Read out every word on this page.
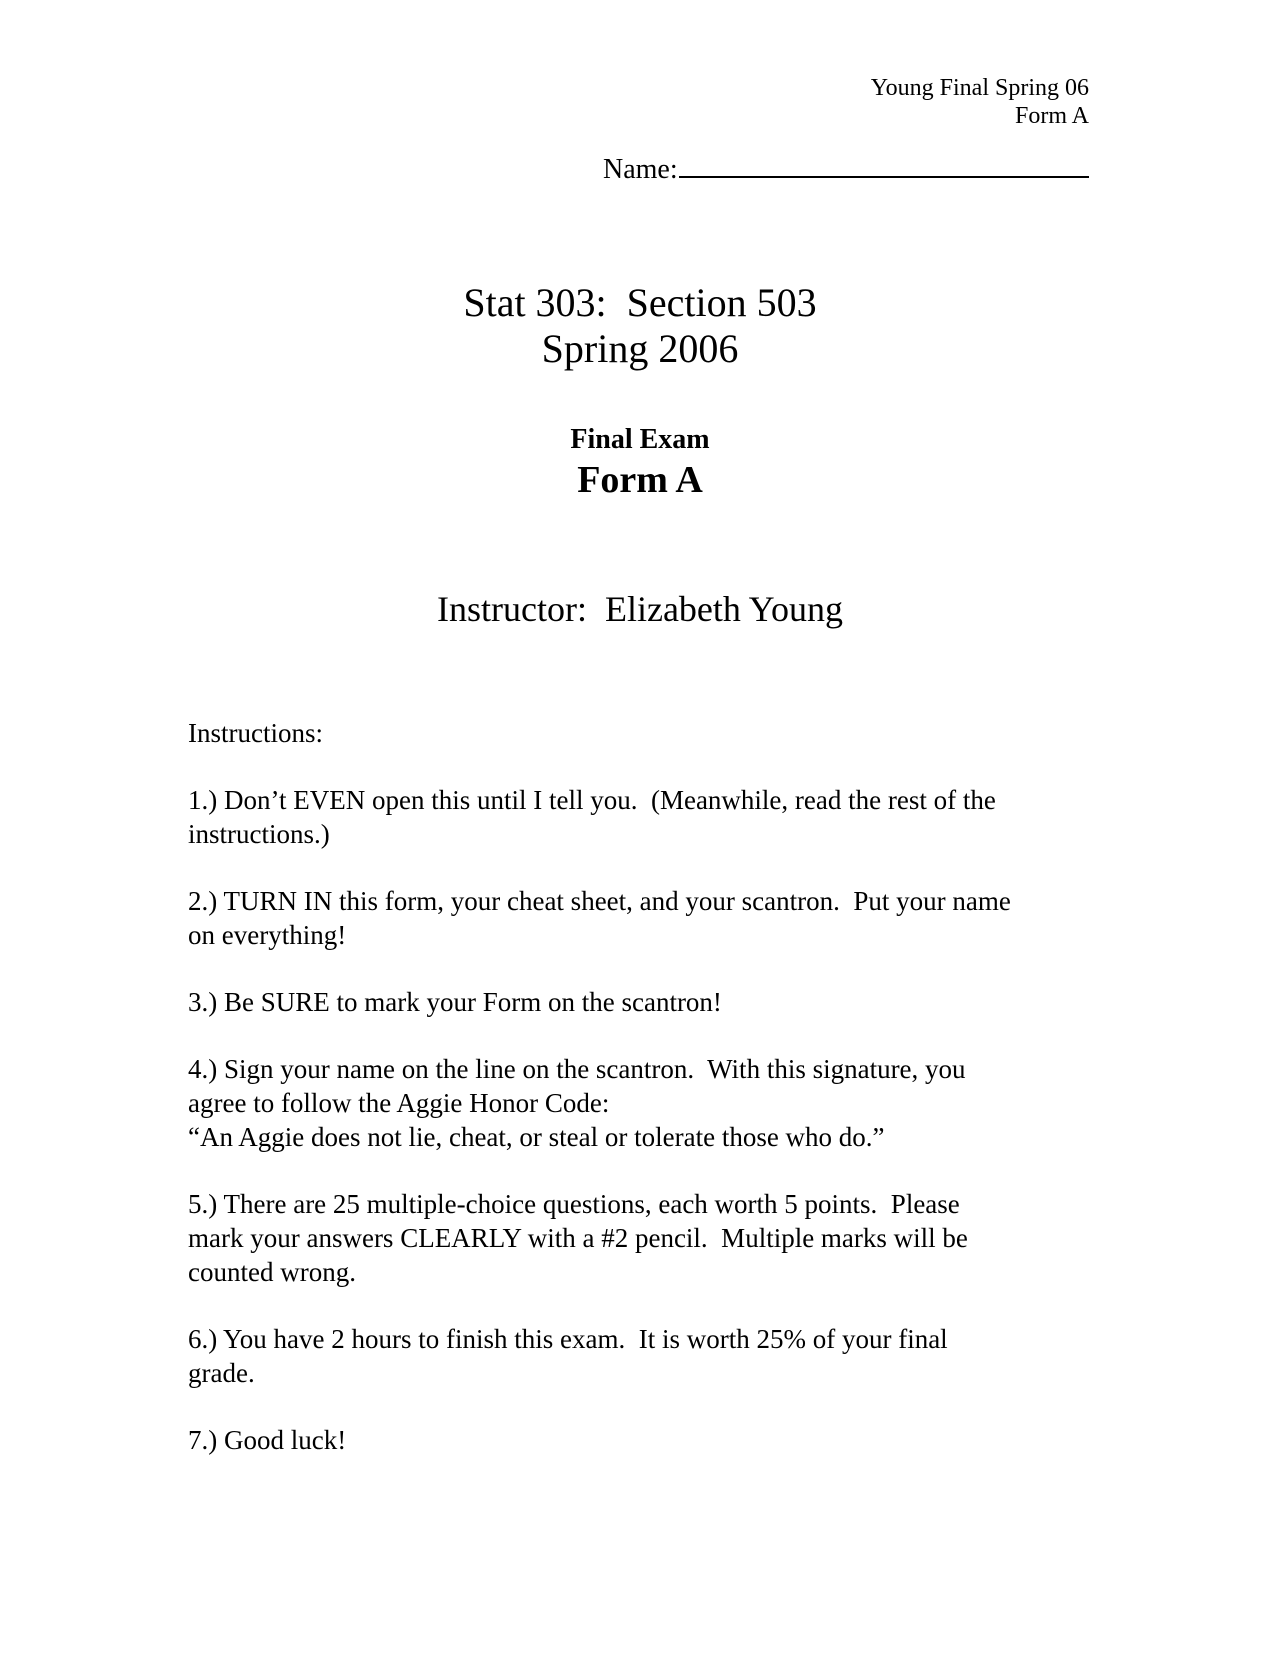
Young Final Spring 06
Form A
Name:
Stat 303:  Section 503
Spring 2006
Final Exam
Form A
Instructor:  Elizabeth Young
Instructions:
1.) Don’t EVEN open this until I tell you.  (Meanwhile, read the rest of the
instructions.)
2.) TURN IN this form, your cheat sheet, and your scantron.  Put your name
on everything!
3.) Be SURE to mark your Form on the scantron!
4.) Sign your name on the line on the scantron.  With this signature, you
agree to follow the Aggie Honor Code:
“An Aggie does not lie, cheat, or steal or tolerate those who do.”
5.) There are 25 multiple-choice questions, each worth 5 points.  Please
mark your answers CLEARLY with a #2 pencil.  Multiple marks will be
counted wrong.
6.) You have 2 hours to finish this exam.  It is worth 25% of your final
grade.
7.) Good luck!
